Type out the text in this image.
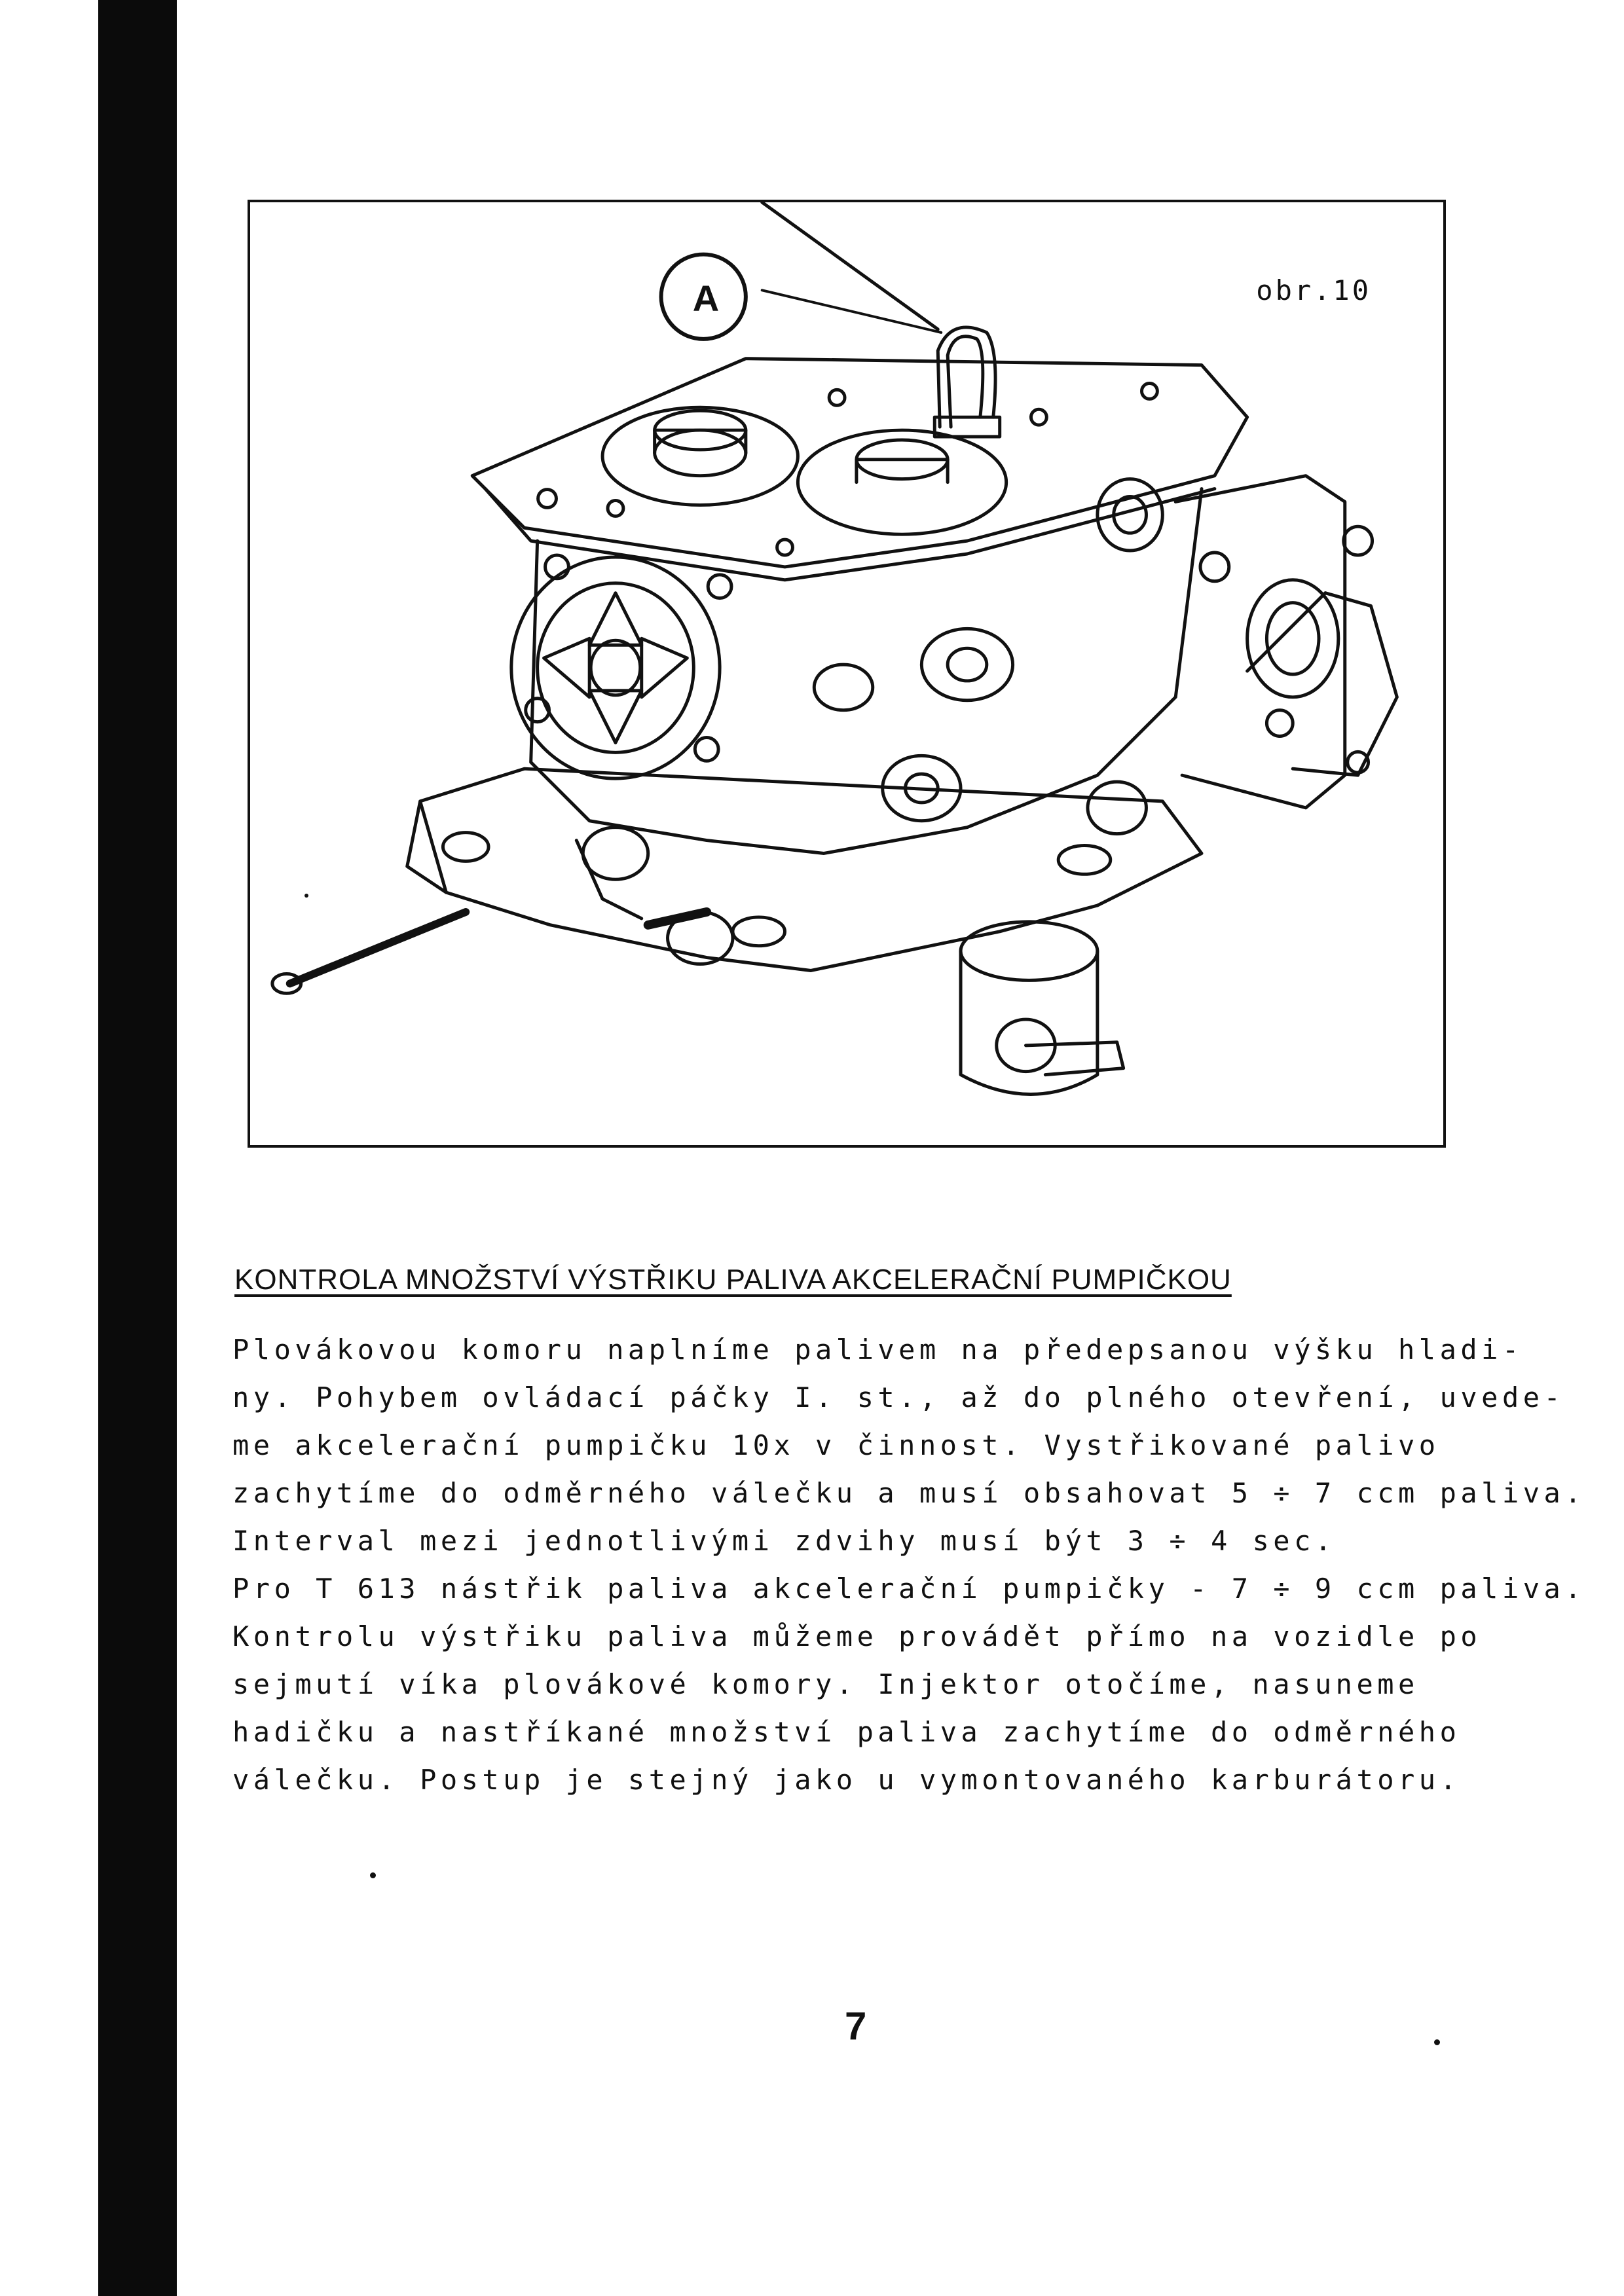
obr.10
A
KONTROLA MNOŽSTVÍ VÝSTŘIKU PALIVA AKCELERAČNÍ PUMPIČKOU
Plovákovou komoru naplníme palivem na předepsanou výšku hladi-
ny. Pohybem ovládací páčky I. st., až do plného otevření, uvede-
me akcelerační pumpičku 10x v činnost. Vystřikované palivo
zachytíme do odměrného válečku a musí obsahovat 5 ÷ 7 ccm paliva.
Interval mezi jednotlivými zdvihy musí být 3 ÷ 4 sec.
Pro T 613 nástřik paliva akcelerační pumpičky - 7 ÷ 9 ccm paliva.
Kontrolu výstřiku paliva můžeme provádět přímo na vozidle po
sejmutí víka plovákové komory. Injektor otočíme, nasuneme
hadičku a nastříkané množství paliva zachytíme do odměrného
válečku. Postup je stejný jako u vymontovaného karburátoru.
7
